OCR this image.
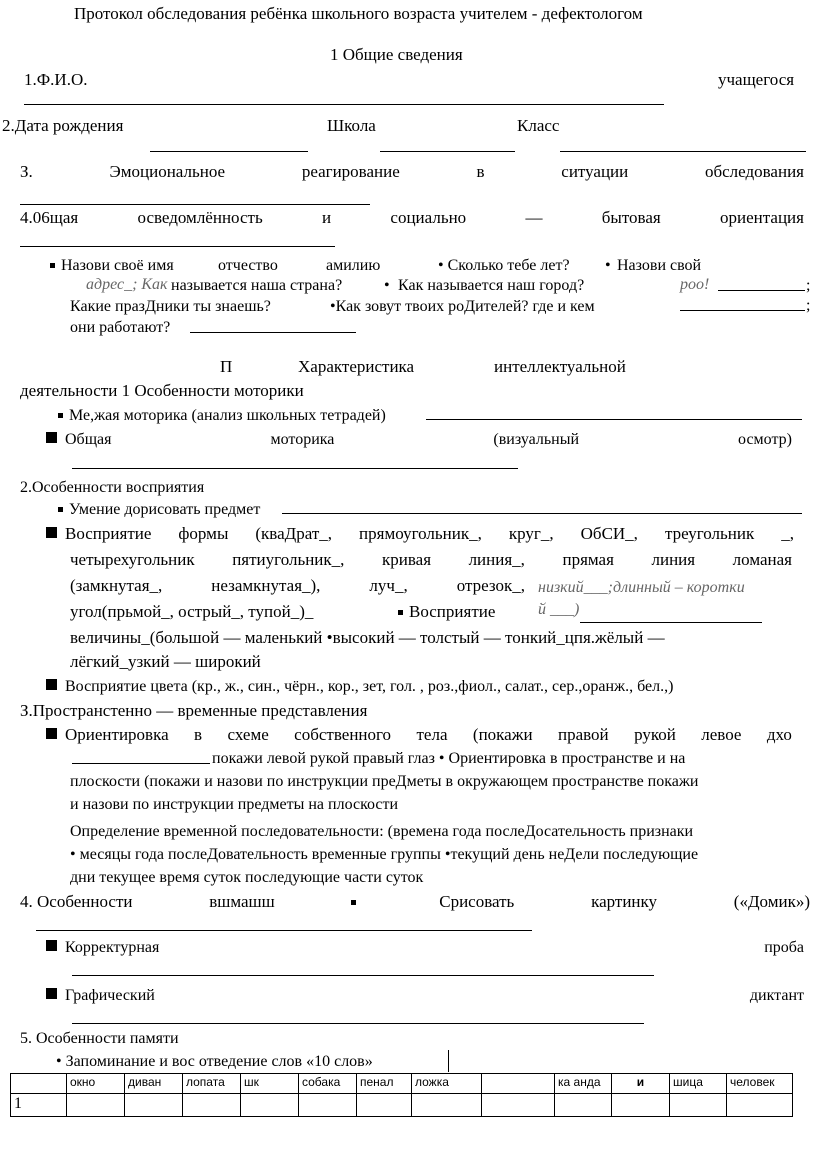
Протокол обследования ребёнка школьного возраста учителем - дефектологом
1 Общие сведения
1.Ф.И.О.	учащегося
2.Дата рождения	Школа	Класс
З.	Эмоциональное	реагирование	в	ситуации	обследования
4.06щая	осведомлённость	и	социально	—	бытовая	ориентация
Назови своё имя	отчество	амилию	• Сколько тебе лет? • Назови свой
адрес_; Как называется наша страна?	• Как называется наш город?	роо!	;
Какие празДники ты знаешь?	•Как зовут твоих роДителей? где и кем	;
они работают?
П	Характеристика	интеллектуальной
деятельности 1 Особенности моторики
Ме,жая моторика (анализ школьных тетрадей)
Общая	моторика	(визуальный	осмотр)
2.Особенности восприятия
Умение дорисовать предмет
Восприятие формы (кваДрат_, прямоугольник_, круг_, ОбСИ_, треугольник _,
четырехугольник пятиугольник_, кривая линия_, прямая линия ломаная
(замкнутая_,	незамкнутая_),	луч_,	отрезок_, низкий___;длинный – коротки
й ___)
угол(прьмой_, острый_, тупой_)_	Восприятие
величины_(большой — маленький •высокий — толстый — тонкий_цпя.жёлый —
лёгкий_узкий — широкий
Восприятие цвета (кр., ж., син., чёрн., кор., зет, гол. , роз.,фиол., салат., сер.,оранж., бел.,)
З.Пространстенно — временные представления
Ориентировка в схеме собственного тела (покажи правой рукой левое дхо
покажи левой рукой правый глаз • Ориентировка в пространстве и на
плоскости (покажи и назови по инструкции преДметы в окружающем пространстве покажи
и назови по инструкции предметы на плоскости
Определение временной последовательности: (времена года послеДосательность признаки
• месяцы года послеДовательность временные группы •текущий день неДели последующие
дни текущее время суток последующие части суток
4. Особенности	вшмашш	Срисовать	картинку	(«Домик»)
Корректурная	проба
Графический	диктант
5. Особенности памяти
• Запоминание и вос отведение слов «10 слов»
	окно	диван	лопата	шк	собака	пенал	ложка		ка анда	и	шица	человек
1												
